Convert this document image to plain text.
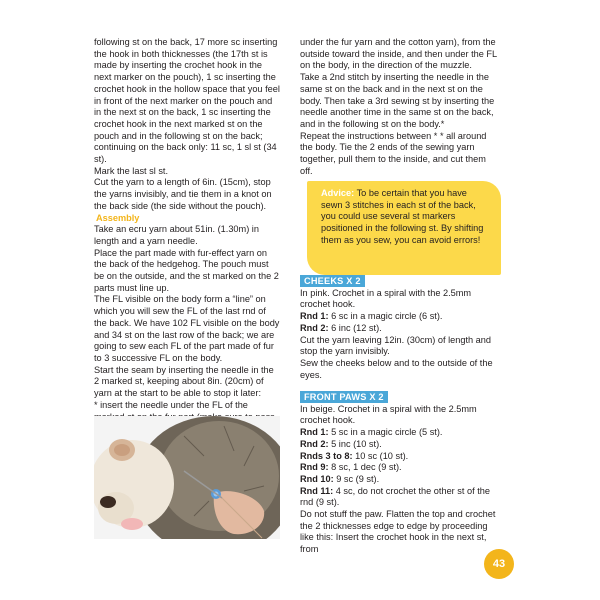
following st on the back, 17 more sc inserting the hook in both thicknesses (the 17th st is made by inserting the crochet hook in the next marker on the pouch), 1 sc inserting the crochet hook in the hollow space that you feel in front of the next marker on the pouch and in the next st on the back, 1 sc inserting the crochet hook in the next marked st on the pouch and in the following st on the back; continuing on the back only: 11 sc, 1 sl st (34 st).

Mark the last sl st.

Cut the yarn to a length of 6in. (15cm), stop the yarns invisibly, and tie them in a knot on the back side (the side without the pouch).

Assembly

Take an ecru yarn about 51in. (1.30m) in length and a yarn needle.

Place the part made with fur-effect yarn on the back of the hedgehog. The pouch must be on the outside, and the st marked on the 2 parts must line up.

The FL visible on the body form a “line” on which you will sew the FL of the last rnd of the back. We have 102 FL visible on the body and 34 st on the last row of the back; we are going to sew each FL of the part made of fur to 3 successive FL on the body.

Start the seam by inserting the needle in the 2 marked st, keeping about 8in. (20cm) of yarn at the start to be able to stop it later:

* insert the needle under the FL of the

under the fur yarn and the cotton yarn), from the outside toward the inside, and then under the FL on the body, in the direction of the muzzle.

Take a 2nd stitch by inserting the needle in the same st on the back and in the next st on the body. Then take a 3rd sewing st by inserting the needle another time in the same st on the back, and in the following st on the body.*

Repeat the instructions between * * all around the body. Tie the 2 ends of the sewing yarn together, pull them to the inside, and cut them off.

Advice: To be certain that you have sewn 3 stitches in each st of the back, you could use several st markers positioned in the following st. By shifting them as you sew, you can avoid errors!
CHEEKS X 2

In pink. Crochet in a spiral with the 2.5mm crochet hook.

Rnd 1: 6 sc in a magic circle (6 st).

Rnd 2: 6 inc (12 st).

Cut the yarn leaving 12in. (30cm) of length and stop the yarn invisibly.

Sew the cheeks below and to the outside of the eyes.

FRONT PAWS X 2

In beige. Crochet in a spiral with the 2.5mm crochet hook.

Rnd 1: 5 sc in a magic circle (5 st).

Rnd 2: 5 inc (10 st).

Rnds 3 to 8: 10 sc (10 st).

Rnd 9: 8 sc, 1 dec (9 st).

Rnd 10: 9 sc (9 st).

Rnd 11: 4 sc, do not crochet the other st of the rnd (9 st).

Do not stuff the paw. Flatten the top and crochet the 2 thicknesses edge to edge by proceeding like this: Insert the crochet hook in the next st, from

43
